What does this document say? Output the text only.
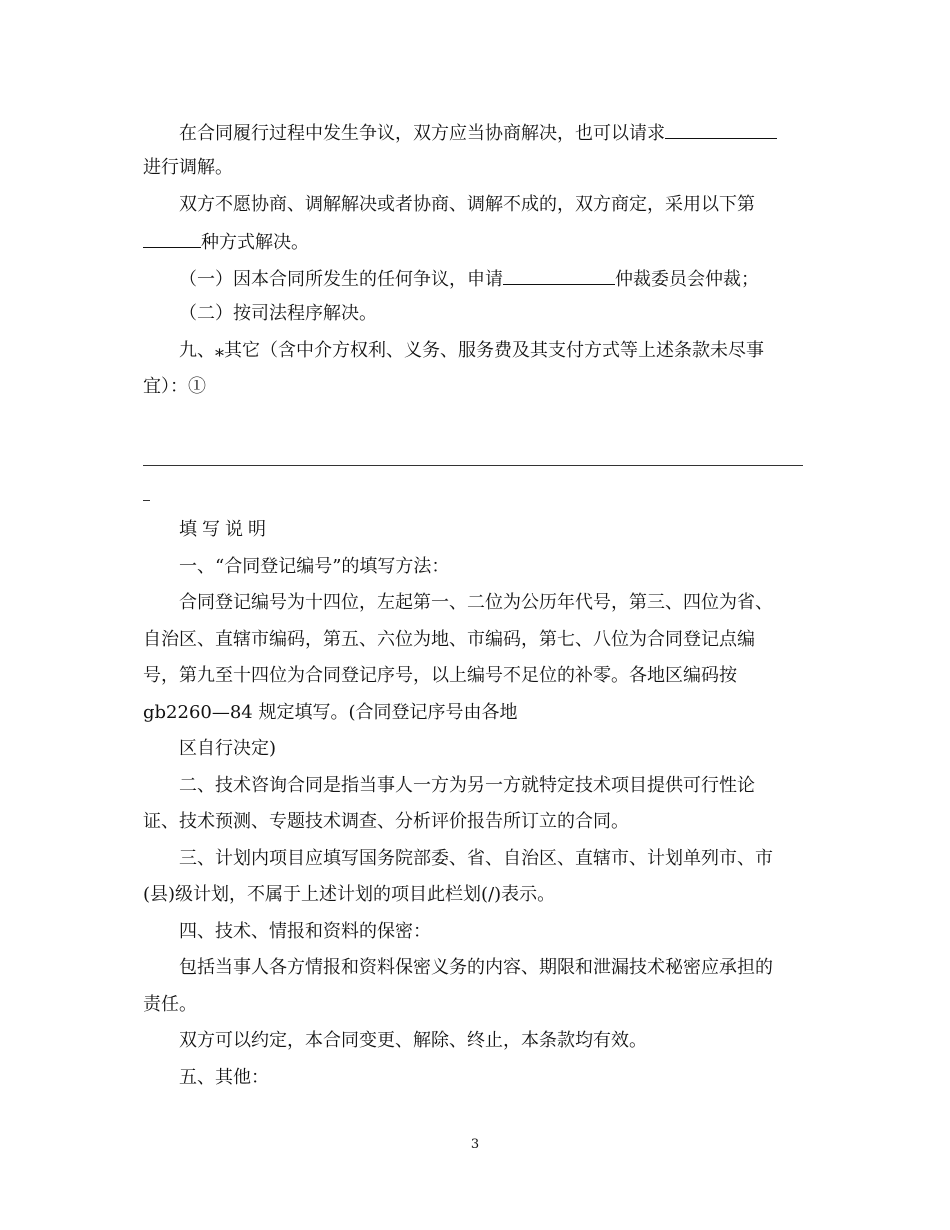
在合同履行过程中发生争议，双方应当协商解决，也可以请求
进行调解。
双方不愿协商、调解解决或者协商、调解不成的，双方商定，采用以下第
种方式解决。
（一）因本合同所发生的任何争议，申请	仲裁委员会仲裁；
（二）按司法程序解决。
九、⁎其它（含中介方权利、义务、服务费及其支付方式等上述条款未尽事
宜）：①
填写说明
一、“合同登记编号”的填写方法：
合同登记编号为十四位，左起第一、二位为公历年代号，第三、四位为省、
自治区、直辖市编码，第五、六位为地、市编码，第七、八位为合同登记点编
号，第九至十四位为合同登记序号，以上编号不足位的补零。各地区编码按
gb2260—84 规定填写。(合同登记序号由各地
区自行决定)
二、技术咨询合同是指当事人一方为另一方就特定技术项目提供可行性论
证、技术预测、专题技术调查、分析评价报告所订立的合同。
三、计划内项目应填写国务院部委、省、自治区、直辖市、计划单列市、市
(县)级计划，不属于上述计划的项目此栏划(/)表示。
四、技术、情报和资料的保密：
包括当事人各方情报和资料保密义务的内容、期限和泄漏技术秘密应承担的
责任。
双方可以约定，本合同变更、解除、终止，本条款均有效。
五、其他：
3
